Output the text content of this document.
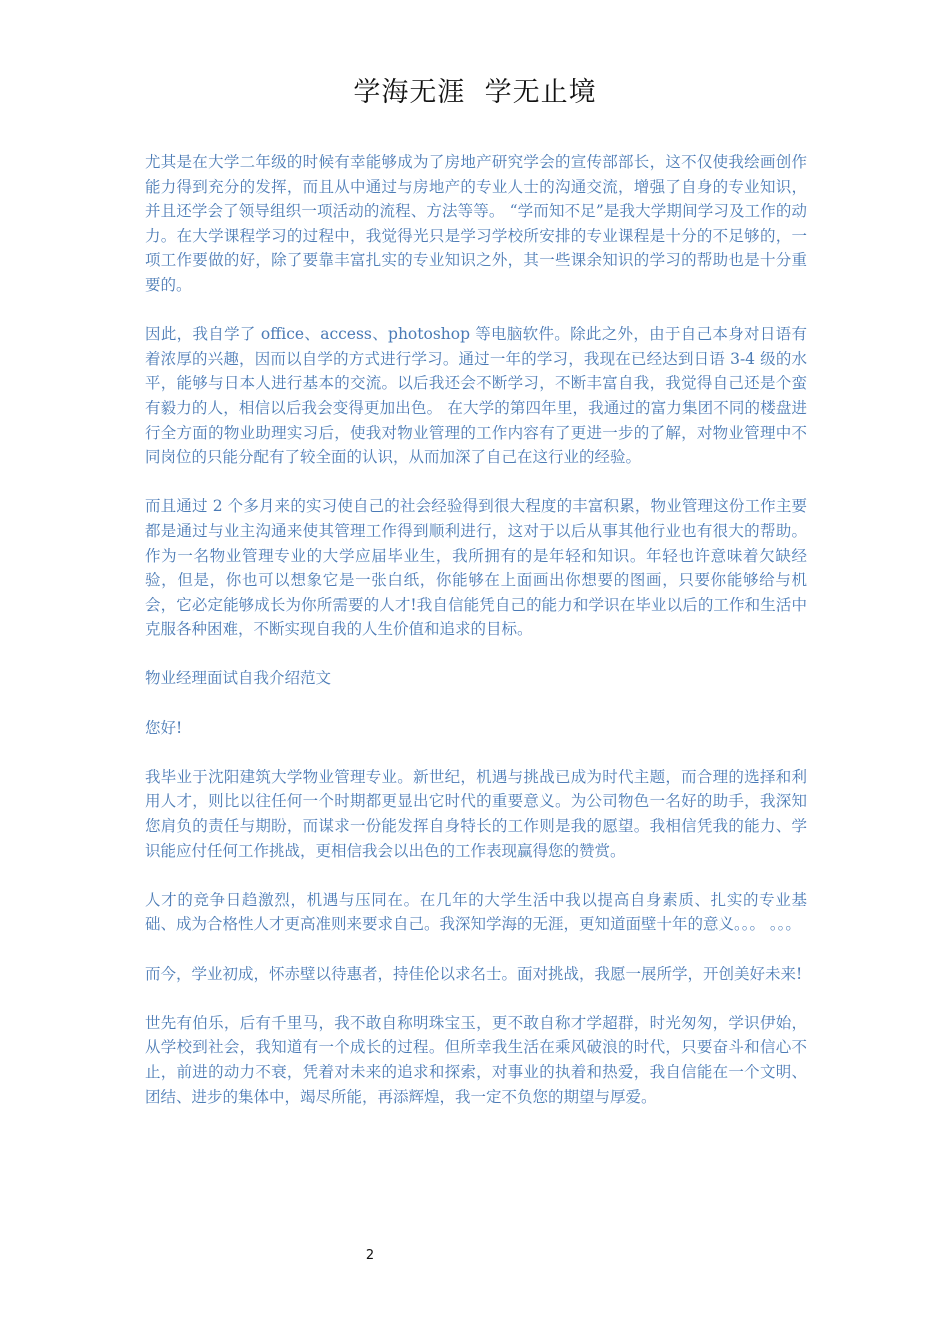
学海无涯  学无止境

尤其是在大学二年级的时候有幸能够成为了房地产研究学会的宣传部部长，这不仅使我绘画创作能力得到充分的发挥，而且从中通过与房地产的专业人士的沟通交流，增强了自身的专业知识，并且还学会了领导组织一项活动的流程、方法等等。 “学而知不足”是我大学期间学习及工作的动力。在大学课程学习的过程中，我觉得光只是学习学校所安排的专业课程是十分的不足够的，一项工作要做的好，除了要靠丰富扎实的专业知识之外，其一些课余知识的学习的帮助也是十分重要的。

因此，我自学了 office、access、photoshop 等电脑软件。除此之外，由于自己本身对日语有着浓厚的兴趣，因而以自学的方式进行学习。通过一年的学习，我现在已经达到日语 3-4 级的水平，能够与日本人进行基本的交流。以后我还会不断学习，不断丰富自我，我觉得自己还是个蛮有毅力的人，相信以后我会变得更加出色。 在大学的第四年里，我通过的富力集团不同的楼盘进行全方面的物业助理实习后，使我对物业管理的工作内容有了更进一步的了解，对物业管理中不同岗位的只能分配有了较全面的认识，从而加深了自己在这行业的经验。

而且通过 2 个多月来的实习使自己的社会经验得到很大程度的丰富积累，物业管理这份工作主要都是通过与业主沟通来使其管理工作得到顺利进行，这对于以后从事其他行业也有很大的帮助。 作为一名物业管理专业的大学应届毕业生，我所拥有的是年轻和知识。年轻也许意味着欠缺经验，但是，你也可以想象它是一张白纸，你能够在上面画出你想要的图画，只要你能够给与机会，它必定能够成长为你所需要的人才!我自信能凭自己的能力和学识在毕业以后的工作和生活中克服各种困难，不断实现自我的人生价值和追求的目标。

物业经理面试自我介绍范文

您好!

我毕业于沈阳建筑大学物业管理专业。新世纪，机遇与挑战已成为时代主题，而合理的选择和利用人才，则比以往任何一个时期都更显出它时代的重要意义。为公司物色一名好的助手，我深知您肩负的责任与期盼，而谋求一份能发挥自身特长的工作则是我的愿望。我相信凭我的能力、学识能应付任何工作挑战，更相信我会以出色的工作表现赢得您的赞赏。

人才的竞争日趋激烈，机遇与压同在。在几年的大学生活中我以提高自身素质、扎实的专业基础、成为合格性人才更高准则来要求自己。我深知学海的无涯，更知道面壁十年的意义。。。 。。。

而今，学业初成，怀赤壁以待惠者，持佳伦以求名士。面对挑战，我愿一展所学，开创美好未来!

世先有伯乐，后有千里马，我不敢自称明珠宝玉，更不敢自称才学超群，时光匆匆，学识伊始，从学校到社会，我知道有一个成长的过程。但所幸我生活在乘风破浪的时代，只要奋斗和信心不止，前进的动力不衰，凭着对未来的追求和探索，对事业的执着和热爱，我自信能在一个文明、团结、进步的集体中，竭尽所能，再添辉煌，我一定不负您的期望与厚爱。

2
